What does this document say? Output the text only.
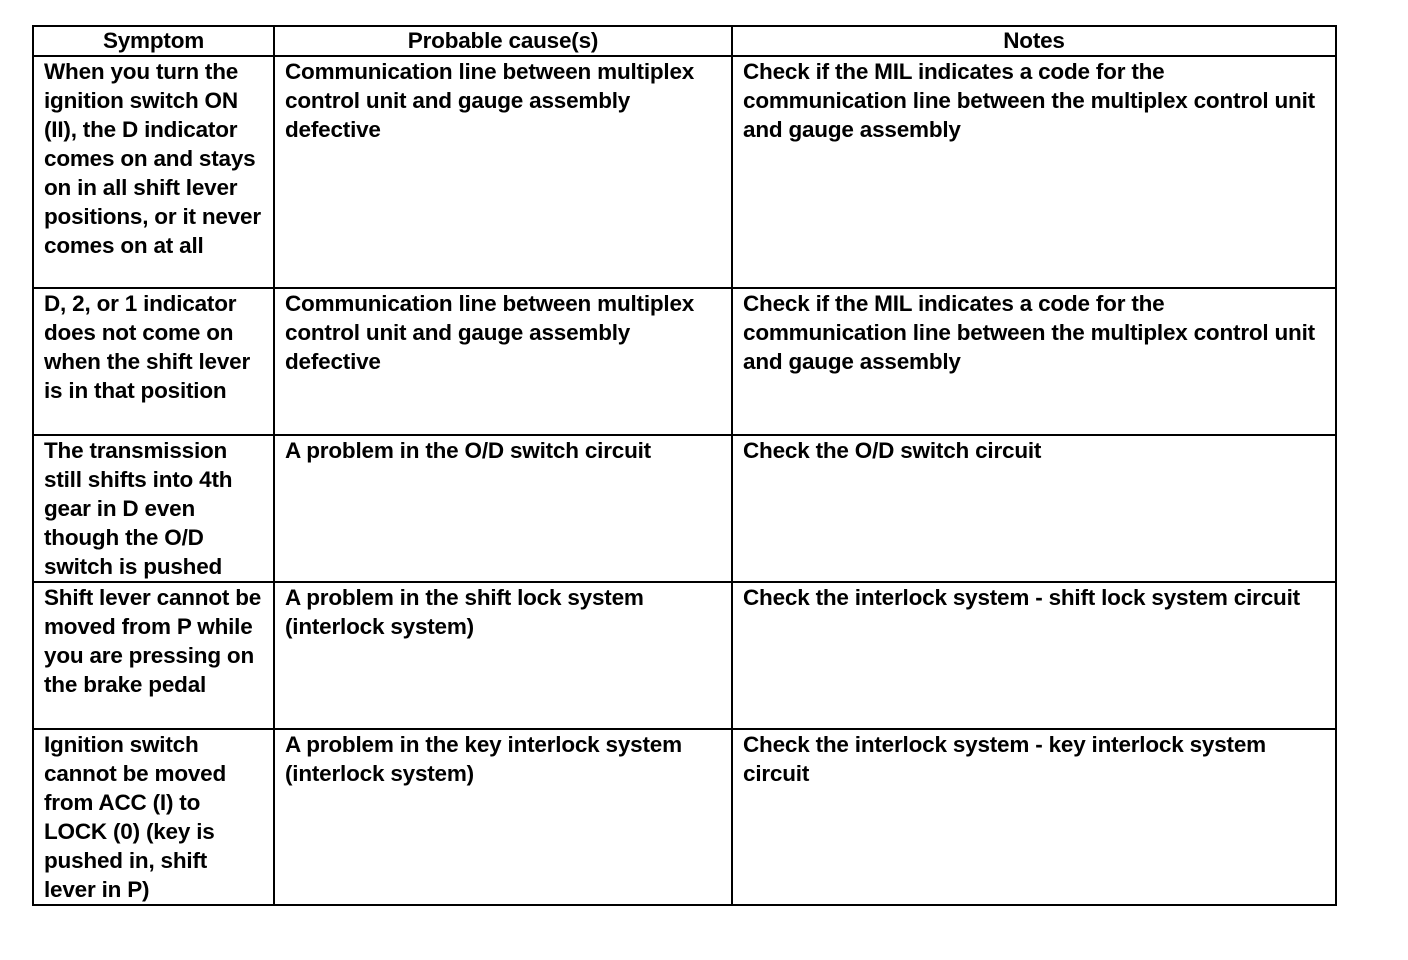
Symptom	Probable cause(s)	Notes
When you turn the ignition switch ON (II), the D indicator comes on and stays on in all shift lever positions, or it never comes on at all	Communication line between multiplex control unit and gauge assembly defective	Check if the MIL indicates a code for the communication line between the multiplex control unit and gauge assembly
D, 2, or 1 indicator does not come on when the shift lever is in that position	Communication line between multiplex control unit and gauge assembly defective	Check if the MIL indicates a code for the communication line between the multiplex control unit and gauge assembly
The transmission still shifts into 4th gear in D even though the O/D switch is pushed	A problem in the O/D switch circuit	Check the O/D switch circuit
Shift lever cannot be moved from P while you are pressing on the brake pedal	A problem in the shift lock system (interlock system)	Check the interlock system - shift lock system circuit
Ignition switch cannot be moved from ACC (I) to LOCK (0) (key is pushed in, shift lever in P)	A problem in the key interlock system (interlock system)	Check the interlock system - key interlock system circuit
